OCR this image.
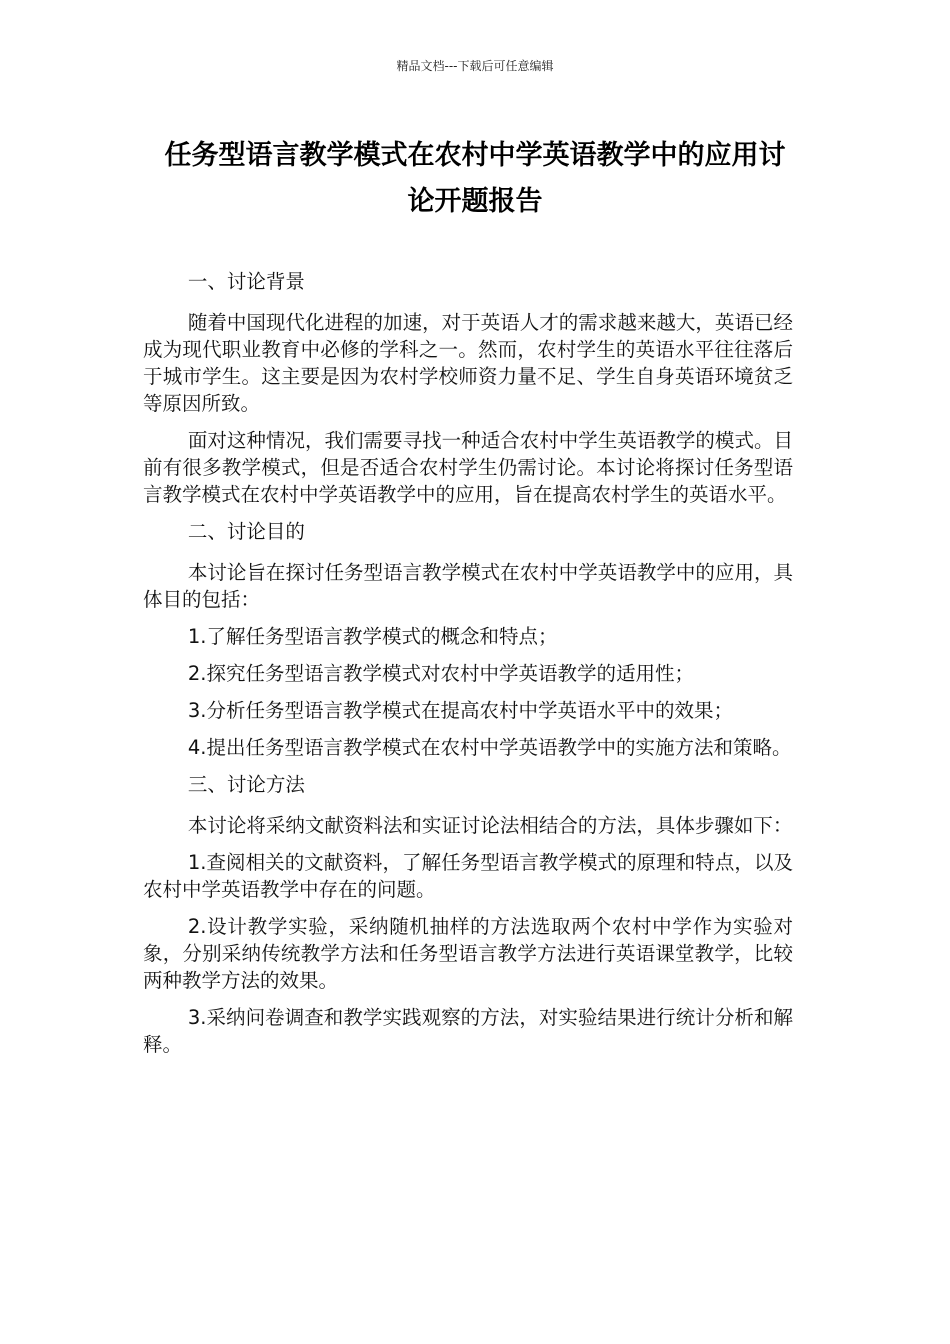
精品文档---下载后可任意编辑
任务型语言教学模式在农村中学英语教学中的应用讨
论开题报告

一、讨论背景

随着中国现代化进程的加速，对于英语人才的需求越来越大，英语已经成为现代职业教育中必修的学科之一。然而，农村学生的英语水平往往落后于城市学生。这主要是因为农村学校师资力量不足、学生自身英语环境贫乏等原因所致。

面对这种情况，我们需要寻找一种适合农村中学生英语教学的模式。目前有很多教学模式，但是否适合农村学生仍需讨论。本讨论将探讨任务型语言教学模式在农村中学英语教学中的应用，旨在提高农村学生的英语水平。

二、讨论目的

本讨论旨在探讨任务型语言教学模式在农村中学英语教学中的应用，具体目的包括：

1.了解任务型语言教学模式的概念和特点；

2.探究任务型语言教学模式对农村中学英语教学的适用性；

3.分析任务型语言教学模式在提高农村中学英语水平中的效果；

4.提出任务型语言教学模式在农村中学英语教学中的实施方法和策略。

三、讨论方法

本讨论将采纳文献资料法和实证讨论法相结合的方法，具体步骤如下：

1.查阅相关的文献资料，了解任务型语言教学模式的原理和特点，以及农村中学英语教学中存在的问题。

2.设计教学实验，采纳随机抽样的方法选取两个农村中学作为实验对象，分别采纳传统教学方法和任务型语言教学方法进行英语课堂教学，比较两种教学方法的效果。

3.采纳问卷调查和教学实践观察的方法，对实验结果进行统计分析和解释。
